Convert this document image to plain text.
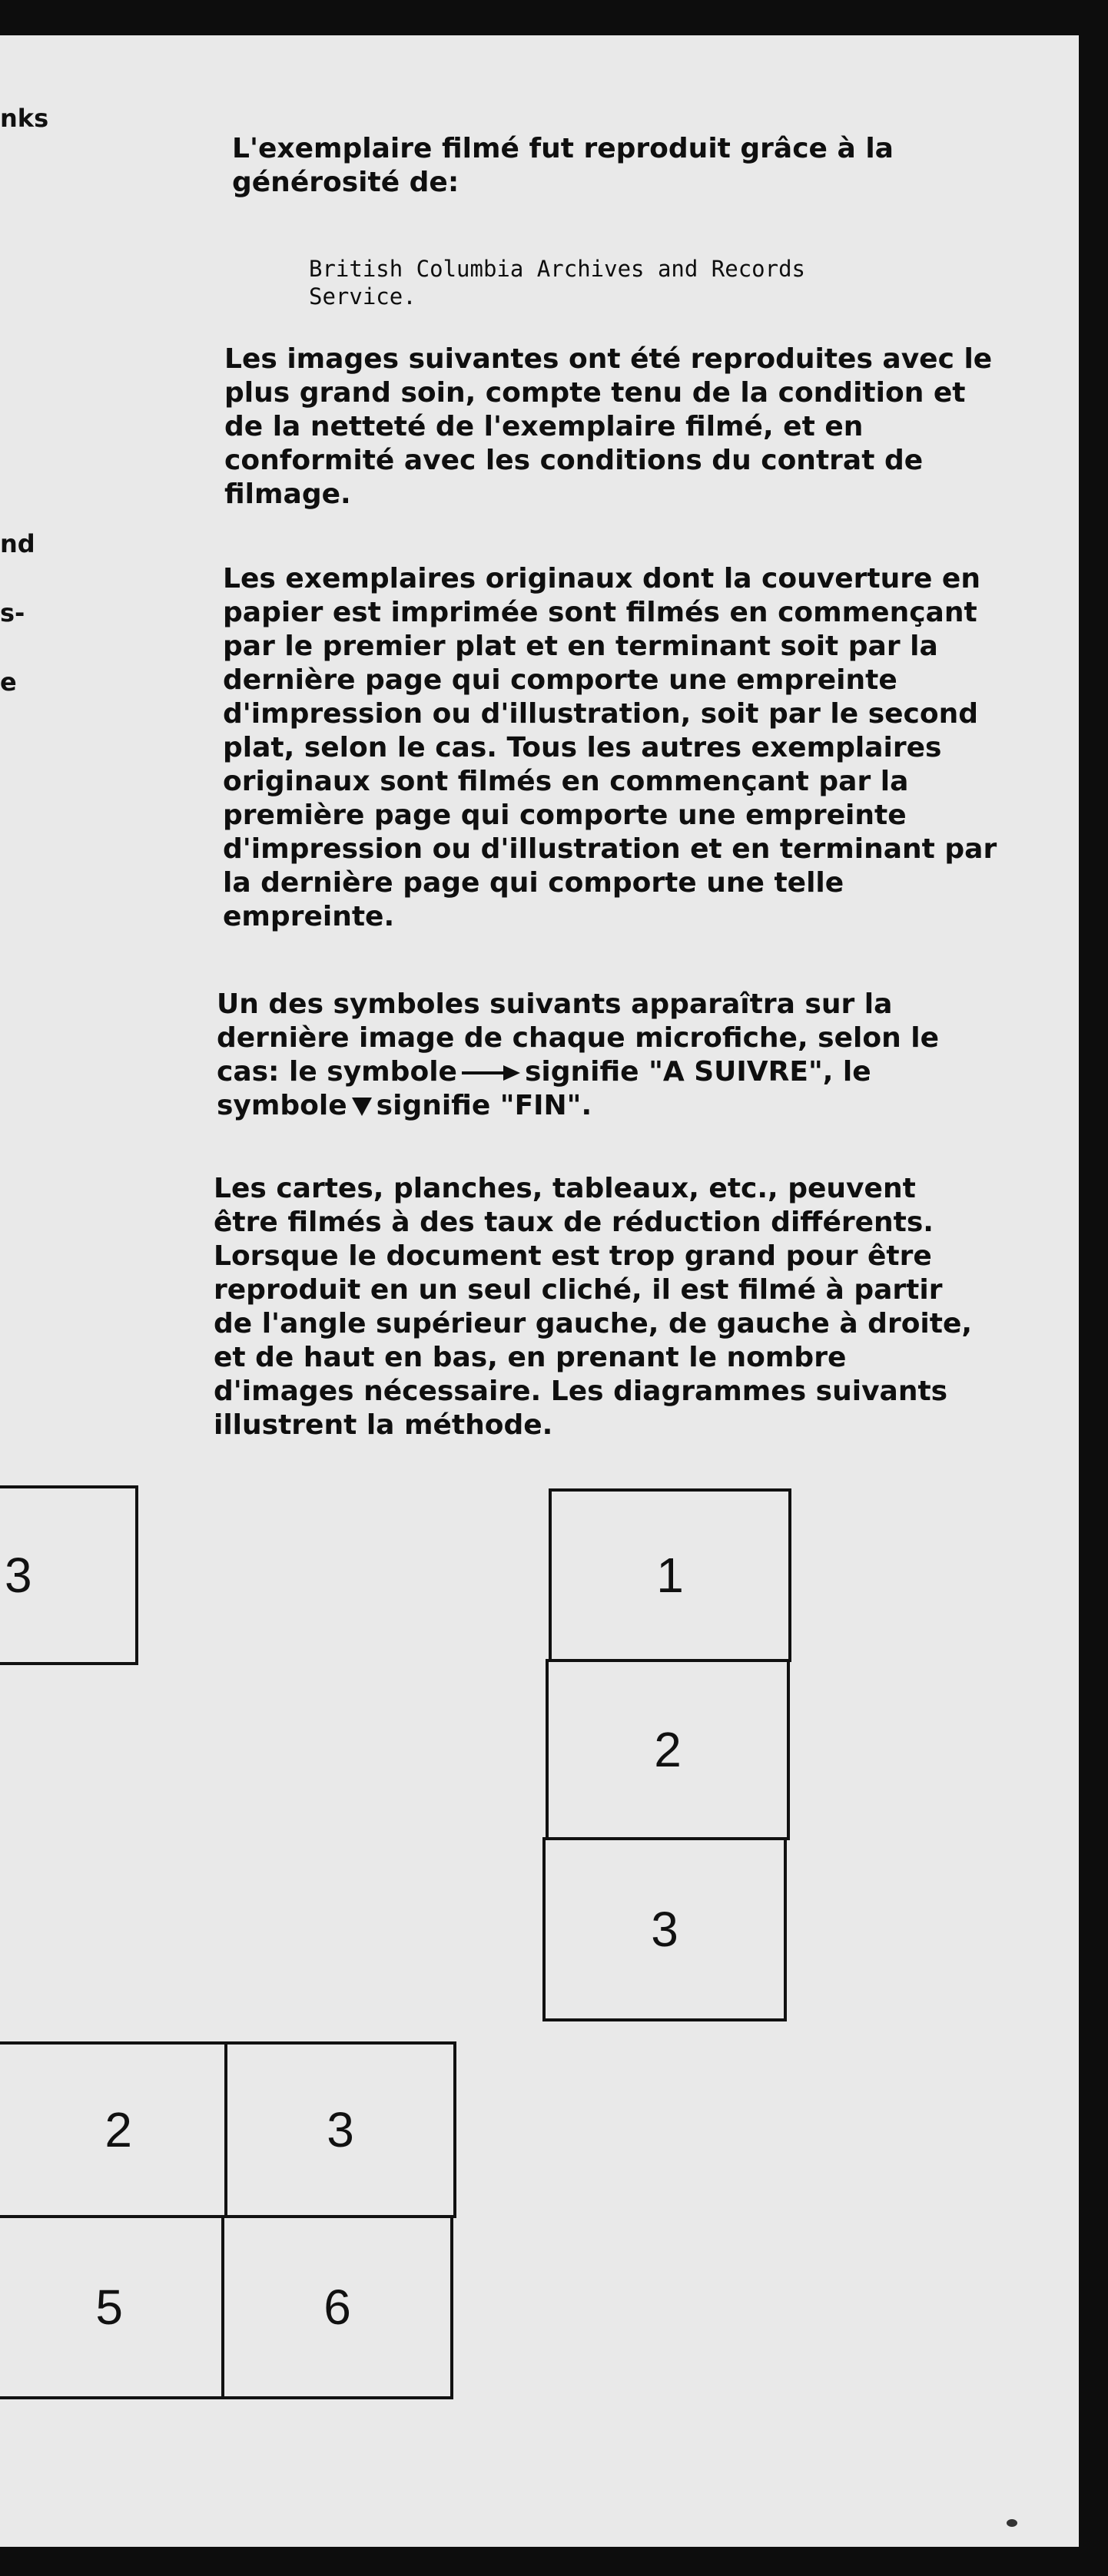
nks
nd
s-
e

L'exemplaire filmé fut reproduit grâce à la générosité de:

British Columbia Archives and Records Service.

Les images suivantes ont été reproduites avec le plus grand soin, compte tenu de la condition et de la netteté de l'exemplaire filmé, et en conformité avec les conditions du contrat de filmage.

Les exemplaires originaux dont la couverture en papier est imprimée sont filmés en commençant par le premier plat et en terminant soit par la dernière page qui comporte une empreinte d'impression ou d'illustration, soit par le second plat, selon le cas. Tous les autres exemplaires originaux sont filmés en commençant par la première page qui comporte une empreinte d'impression ou d'illustration et en terminant par la dernière page qui comporte une telle empreinte.

Un des symboles suivants apparaîtra sur la dernière image de chaque microfiche, selon le cas: le symbole signifie "A SUIVRE", le symbole signifie "FIN".

Les cartes, planches, tableaux, etc., peuvent être filmés à des taux de réduction différents. Lorsque le document est trop grand pour être reproduit en un seul cliché, il est filmé à partir de l'angle supérieur gauche, de gauche à droite, et de haut en bas, en prenant le nombre d'images nécessaire. Les diagrammes suivants illustrent la méthode.

3	1
2
3
2	3
5	6
